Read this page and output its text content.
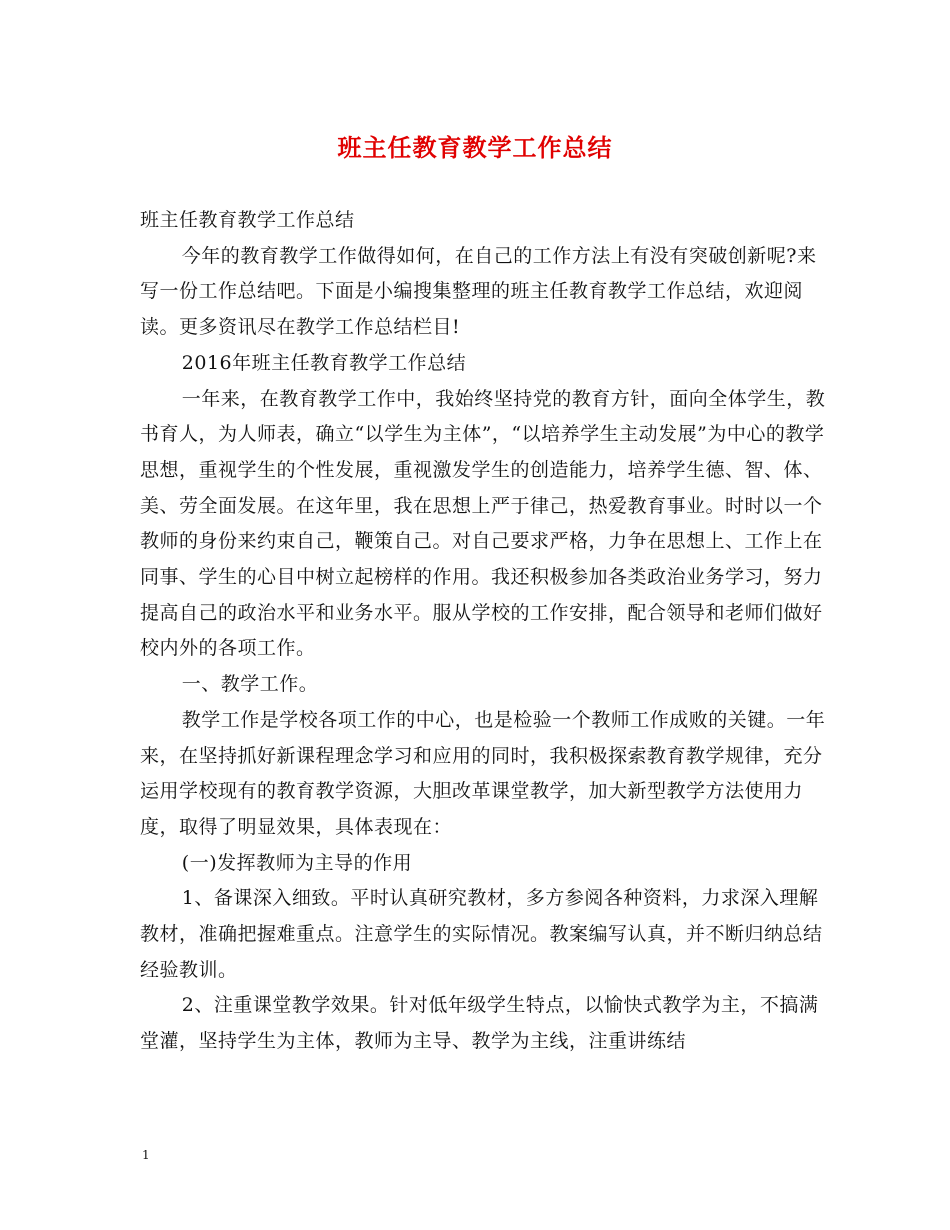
班主任教育教学工作总结

班主任教育教学工作总结

今年的教育教学工作做得如何，在自己的工作方法上有没有突破创新呢?来写一份工作总结吧。下面是小编搜集整理的班主任教育教学工作总结，欢迎阅读。更多资讯尽在教学工作总结栏目!

2016年班主任教育教学工作总结

一年来，在教育教学工作中，我始终坚持党的教育方针，面向全体学生，教书育人，为人师表，确立“以学生为主体”，“以培养学生主动发展”为中心的教学思想，重视学生的个性发展，重视激发学生的创造能力，培养学生德、智、体、美、劳全面发展。在这年里，我在思想上严于律己，热爱教育事业。时时以一个教师的身份来约束自己，鞭策自己。对自己要求严格，力争在思想上、工作上在同事、学生的心目中树立起榜样的作用。我还积极参加各类政治业务学习，努力提高自己的政治水平和业务水平。服从学校的工作安排，配合领导和老师们做好校内外的各项工作。

一、教学工作。

教学工作是学校各项工作的中心，也是检验一个教师工作成败的关键。一年来，在坚持抓好新课程理念学习和应用的同时，我积极探索教育教学规律，充分运用学校现有的教育教学资源，大胆改革课堂教学，加大新型教学方法使用力度，取得了明显效果，具体表现在：

(一)发挥教师为主导的作用

1、备课深入细致。平时认真研究教材，多方参阅各种资料，力求深入理解教材，准确把握难重点。注意学生的实际情况。教案编写认真，并不断归纳总结经验教训。

2、注重课堂教学效果。针对低年级学生特点，以愉快式教学为主，不搞满堂灌，坚持学生为主体，教师为主导、教学为主线，注重讲练结

1
